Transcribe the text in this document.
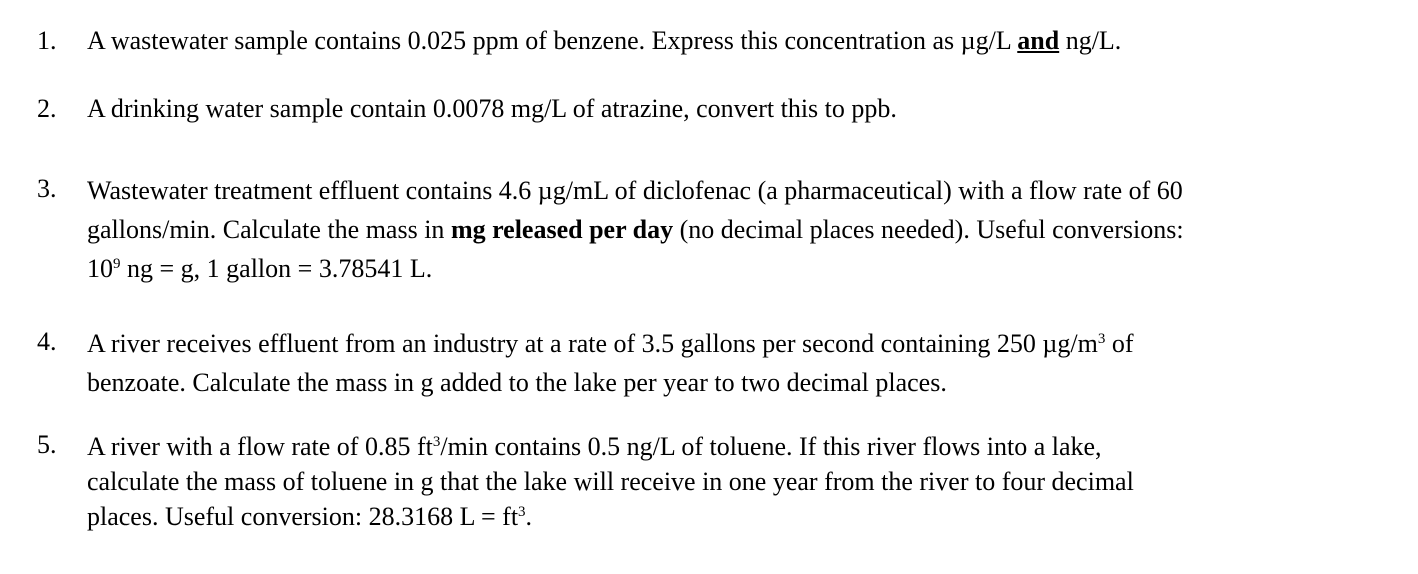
1.	A wastewater sample contains 0.025 ppm of benzene. Express this concentration as µg/L and ng/L.
2.	A drinking water sample contain 0.0078 mg/L of atrazine, convert this to ppb.
3.	Wastewater treatment effluent contains 4.6 µg/mL of diclofenac (a pharmaceutical) with a flow rate of 60
gallons/min. Calculate the mass in mg released per day (no decimal places needed). Useful conversions:
$10^9$ ng = g, 1 gallon = 3.78541 L.
4.	A river receives effluent from an industry at a rate of 3.5 gallons per second containing 250 $\mu g/m^3$ of
benzoate. Calculate the mass in g added to the lake per year to two decimal places.
5.	A river with a flow rate of 0.85 $ft^3/\min$ contains 0.5 ng/L of toluene. If this river flows into a lake,
calculate the mass of toluene in g that the lake will receive in one year from the river to four decimal
places. Useful conversion: 28.3168 $L = ft^3$.
